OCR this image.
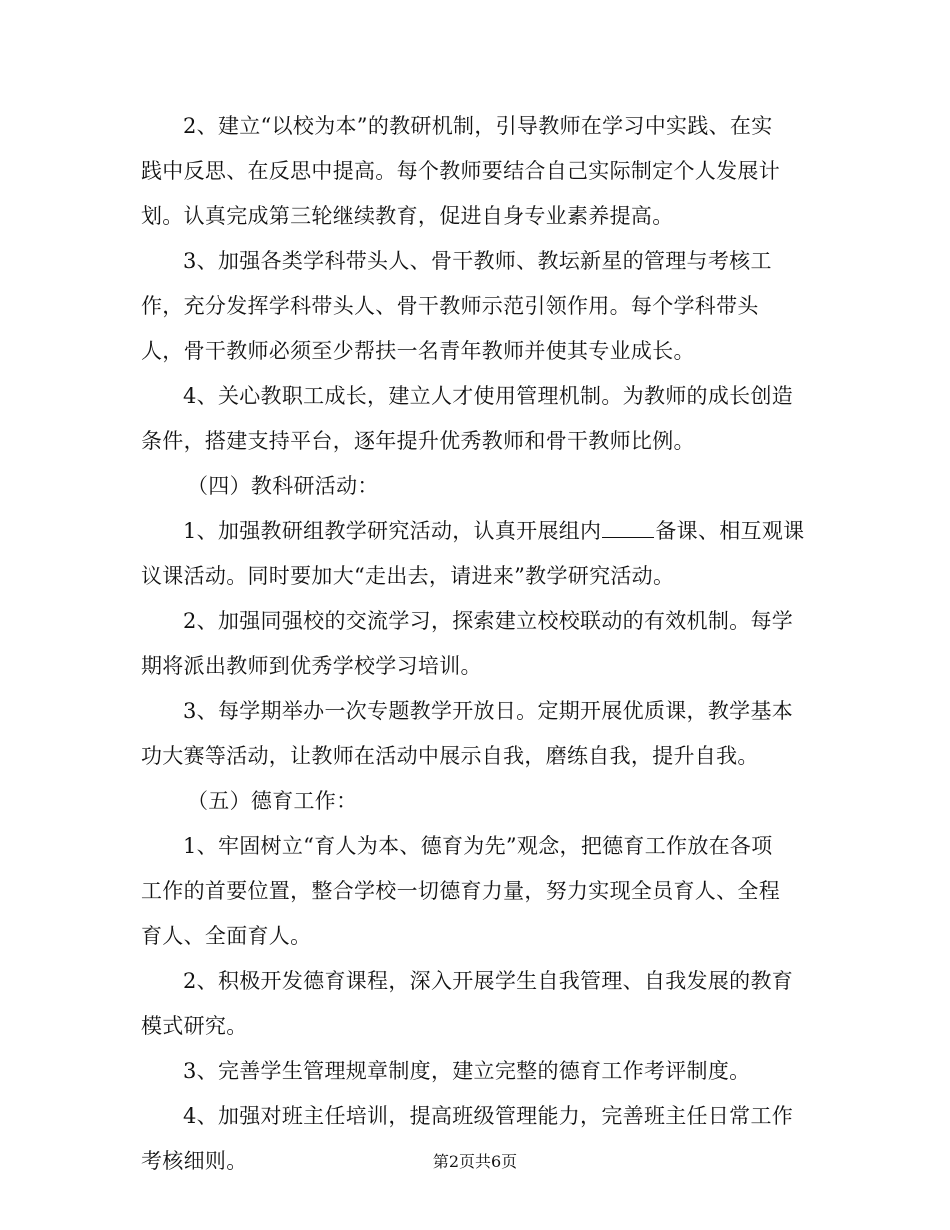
2、建立“以校为本”的教研机制，引导教师在学习中实践、在实
践中反思、在反思中提高。每个教师要结合自己实际制定个人发展计
划。认真完成第三轮继续教育，促进自身专业素养提高。
3、加强各类学科带头人、骨干教师、教坛新星的管理与考核工
作，充分发挥学科带头人、骨干教师示范引领作用。每个学科带头
人，骨干教师必须至少帮扶一名青年教师并使其专业成长。
4、关心教职工成长，建立人才使用管理机制。为教师的成长创造
条件，搭建支持平台，逐年提升优秀教师和骨干教师比例。
（四）教科研活动：
1、加强教研组教学研究活动，认真开展组内	备课、相互观课
议课活动。同时要加大“走出去，请进来”教学研究活动。
2、加强同强校的交流学习，探索建立校校联动的有效机制。每学
期将派出教师到优秀学校学习培训。
3、每学期举办一次专题教学开放日。定期开展优质课，教学基本
功大赛等活动，让教师在活动中展示自我，磨练自我，提升自我。
（五）德育工作：
1、牢固树立“育人为本、德育为先”观念，把德育工作放在各项
工作的首要位置，整合学校一切德育力量，努力实现全员育人、全程
育人、全面育人。
2、积极开发德育课程，深入开展学生自我管理、自我发展的教育
模式研究。
3、完善学生管理规章制度，建立完整的德育工作考评制度。
4、加强对班主任培训，提高班级管理能力，完善班主任日常工作
考核细则。	第2页共6页
